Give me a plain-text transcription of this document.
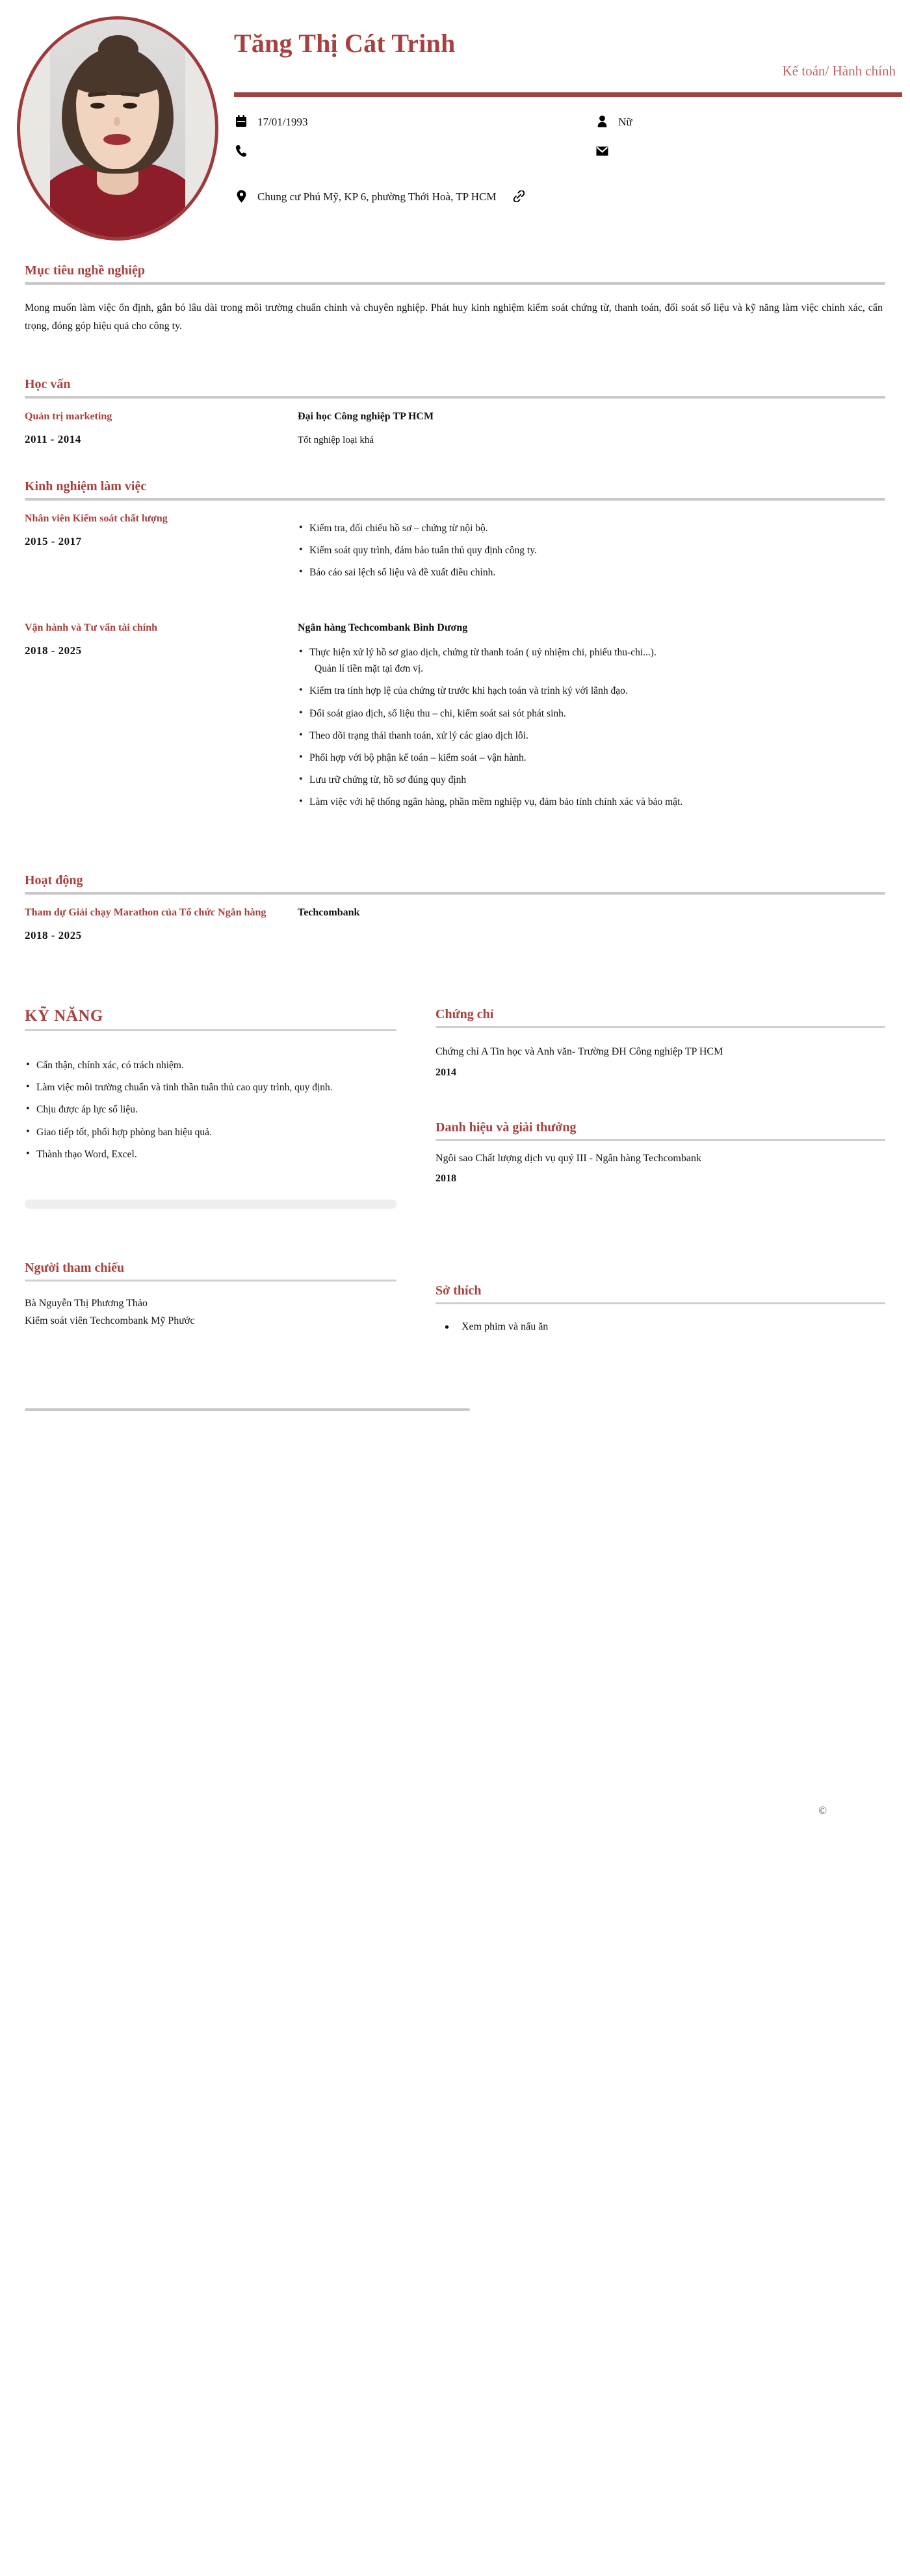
Tăng Thị Cát Trinh
Kế toán/ Hành chính
17/01/1993	Nữ
Chung cư Phú Mỹ, KP 6, phường Thới Hoà, TP HCM
Mục tiêu nghề nghiệp
Mong muốn làm việc ổn định, gắn bó lâu dài trong môi trường chuẩn chỉnh và chuyên nghiệp. Phát huy kinh nghiệm kiểm soát chứng từ, thanh toán, đối soát số liệu và kỹ năng làm việc chính xác, cẩn trọng, đóng góp hiệu quả cho công ty.
Học vấn
Quản trị marketing
2011 - 2014
Đại học Công nghiệp TP HCM
Tốt nghiệp loại khá
Kinh nghiệm làm việc
Nhân viên Kiểm soát chất lượng
2015 - 2017
• Kiểm tra, đối chiếu hồ sơ – chứng từ nội bộ.
• Kiểm soát quy trình, đảm bảo tuân thủ quy định công ty.
• Báo cáo sai lệch số liệu và đề xuất điều chỉnh.
Vận hành và Tư vấn tài chính
2018 - 2025
Ngân hàng Techcombank Bình Dương
• Thực hiện xử lý hồ sơ giao dịch, chứng từ thanh toán ( uỷ nhiệm chi, phiếu thu-chi...).
Quản lí tiền mặt tại đơn vị.
• Kiểm tra tính hợp lệ của chứng từ trước khi hạch toán và trình ký với lãnh đạo.
• Đối soát giao dịch, số liệu thu – chi, kiểm soát sai sót phát sinh.
• Theo dõi trạng thái thanh toán, xử lý các giao dịch lỗi.
• Phối hợp với bộ phận kế toán – kiểm soát – vận hành.
• Lưu trữ chứng từ, hồ sơ đúng quy định
• Làm việc với hệ thống ngân hàng, phần mềm nghiệp vụ, đảm bảo tính chính xác và bảo mật.
Hoạt động
Tham dự Giải chạy Marathon của Tổ chức Ngân hàng
2018 - 2025
Techcombank
KỸ NĂNG
• Cẩn thận, chính xác, có trách nhiệm.
• Làm việc môi trường chuẩn và tinh thần tuân thủ cao quy trình, quy định.
• Chịu được áp lực số liệu.
• Giao tiếp tốt, phối hợp phòng ban hiệu quả.
• Thành thạo Word, Excel.
Người tham chiếu
Bà Nguyễn Thị Phương Thảo
Kiểm soát viên Techcombank Mỹ Phước
Chứng chỉ
Chứng chỉ A Tin học và Anh văn- Trường ĐH Công nghiệp TP HCM
2014
Danh hiệu và giải thưởng
Ngôi sao Chất lượng dịch vụ quý III - Ngân hàng Techcombank
2018
Sở thích
• Xem phim và nấu ăn
©
